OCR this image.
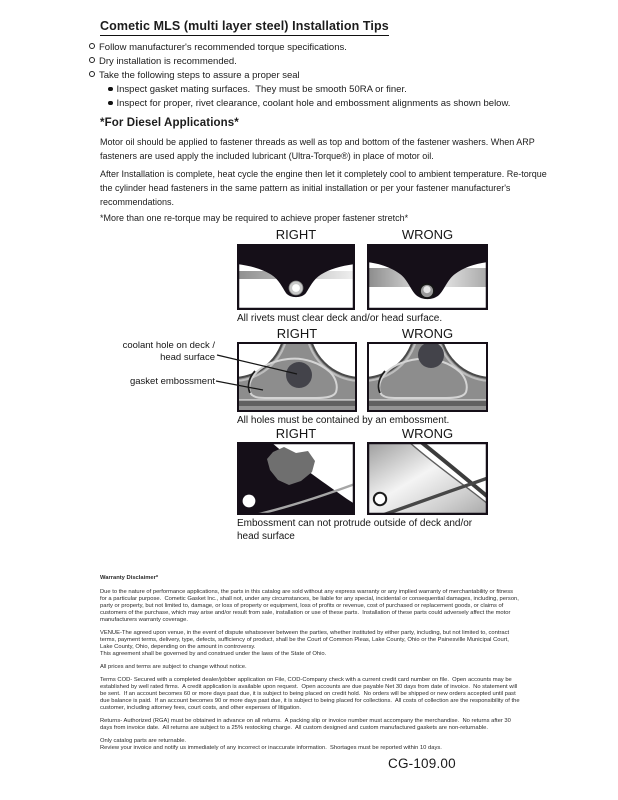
Cometic MLS (multi layer steel) Installation Tips
Follow manufacturer's recommended torque specifications.
Dry installation is recommended.
Take the following steps to assure a proper seal
Inspect gasket mating surfaces.  They must be smooth 50RA or finer.
Inspect for proper, rivet clearance, coolant hole and embossment alignments as shown below.
*For Diesel Applications*
Motor oil should be applied to fastener threads as well as top and bottom of the fastener washers. When ARP fasteners are used apply the included lubricant (Ultra-Torque®) in place of motor oil.
After Installation is complete, heat cycle the engine then let it completely cool to ambient temperature. Re-torque the cylinder head fasteners in the same pattern as initial installation or per your fastener manufacturer's recommendations.
*More than one re-torque may be required to achieve proper fastener stretch*
RIGHT	WRONG
All rivets must clear deck and/or head surface.
RIGHT	WRONG
coolant hole on deck / head surface
gasket embossment
All holes must be contained by an embossment.
RIGHT	WRONG
Embossment can not protrude outside of deck and/or head surface
Warranty Disclaimer*

Due to the nature of performance applications, the parts in this catalog are sold without any express warranty or any implied warranty of merchantability or fitness for a particular purpose.  Cometic Gasket Inc., shall not, under any circumstances, be liable for any special, incidental or consequential damages, including, person, party or property, but not limited to, damage, or loss of property or equipment, loss of profits or revenue, cost of purchased or replacement goods, or claims of customers of the purchase, which may arise and/or result from sale, installation or use of these parts.  Installation of these parts could adversely affect the motor manufacturers warranty coverage.

VENUE-The agreed upon venue, in the event of dispute whatsoever between the parties, whether instituted by either party, including, but not limited to, contract terms, payment terms, delivery, type, defects, sufficiency of product, shall be the Court of Common Pleas, Lake County, Ohio or the Painesville Municipal Court, Lake County, Ohio, depending on the amount in controversy.

This agreement shall be governed by and construed under the laws of the State of Ohio.

All prices and terms are subject to change without notice.

Terms COD- Secured with a completed dealer/jobber application on File, COD-Company check with a current credit card number on file.  Open accounts may be established by well rated firms.  A credit application is available upon request.  Open accounts are due payable Net 30 days from date of invoice.  No statement will be sent.  If an account becomes 60 or more days past due, it is subject to being placed on credit hold.  No orders will be shipped or new orders accepted until past due balance is paid.  If an account becomes 90 or more days past due, it is subject to being placed for collections.  All costs of collection are the responsibility of the customer, including attorney fees, court costs, and other expenses of litigation.

Returns- Authorized (RGA) must be obtained in advance on all returns.  A packing slip or invoice number must accompany the merchandise.  No returns after 30 days from invoice date.  All returns are subject to a 25% restocking charge.  All custom designed and custom manufactured gaskets are non-returnable.

Only catalog parts are returnable.

Review your invoice and notify us immediately of any incorrect or inaccurate information.  Shortages must be reported within 10 days.

CG-109.00
